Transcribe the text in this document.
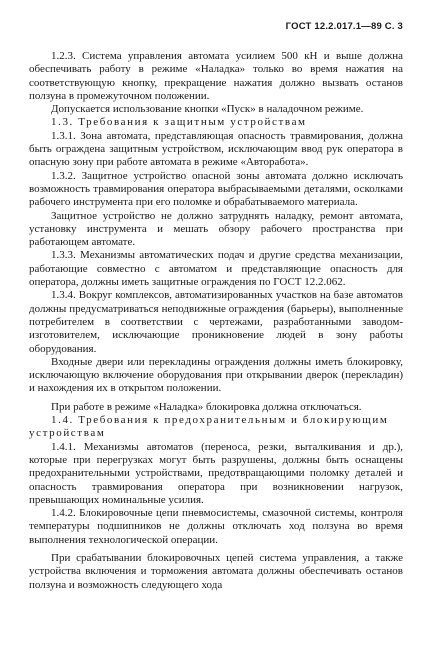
ГОСТ 12.2.017.1—89 С. 3

1.2.3. Система управления автомата усилием 500 кН и выше должна обеспечивать работу в режиме «Наладка» только во время нажатия на соответствующую кнопку, прекращение нажатия должно вызвать останов ползуна в промежуточном положении.

Допускается использование кнопки «Пуск» в наладочном режиме.

1.3. Требования к защитным устройствам

1.3.1. Зона автомата, представляющая опасность травмирования, должна быть ограждена защитным устройством, исключающим ввод рук оператора в опасную зону при работе автомата в режиме «Авторабота».

1.3.2. Защитное устройство опасной зоны автомата должно исключать возможность травмирования оператора выбрасываемыми деталями, осколками рабочего инструмента при его поломке и обрабатываемого материала.

Защитное устройство не должно затруднять наладку, ремонт автомата, установку инструмента и мешать обзору рабочего пространства при работающем автомате.

1.3.3. Механизмы автоматических подач и другие средства механизации, работающие совместно с автоматом и представляющие опасность для оператора, должны иметь защитные ограждения по ГОСТ 12.2.062.

1.3.4. Вокруг комплексов, автоматизированных участков на базе автоматов должны предусматриваться неподвижные ограждения (барьеры), выполненные потребителем в соответствии с чертежами, разработанными заводом-изготовителем, исключающие проникновение людей в зону работы оборудования.

Входные двери или перекладины ограждения должны иметь блокировку, исключающую включение оборудования при открывании дверок (перекладин) и нахождения их в открытом положении.

При работе в режиме «Наладка» блокировка должна отключаться.

1.4. Требования к предохранительным и блокирующим устройствам

1.4.1. Механизмы автоматов (переноса, резки, выталкивания и др.), которые при перегрузках могут быть разрушены, должны быть оснащены предохранительными устройствами, предотвращающими поломку деталей и опасность травмирования оператора при возникновении нагрузок, превышающих номинальные усилия.

1.4.2. Блокировочные цепи пневмосистемы, смазочной системы, контроля температуры подшипников не должны отключать ход ползуна во время выполнения технологической операции.

При срабатывании блокировочных цепей система управления, а также устройства включения и торможения автомата должны обеспечивать останов ползуна и возможность следующего хода
